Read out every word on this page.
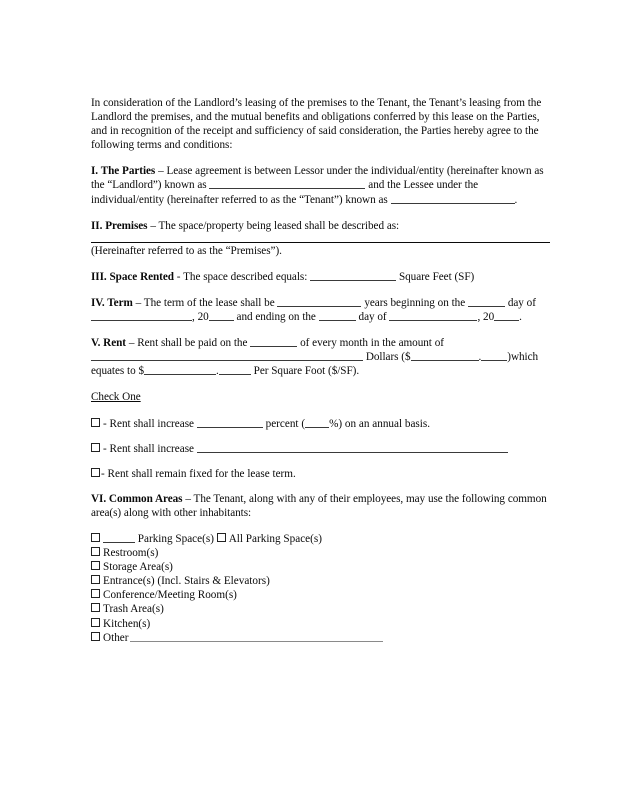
In consideration of the Landlord’s leasing of the premises to the Tenant, the Tenant’s leasing from the Landlord the premises, and the mutual benefits and obligations conferred by this lease on the Parties, and in recognition of the receipt and sufficiency of said consideration, the Parties hereby agree to the following terms and conditions:

I. The Parties – Lease agreement is between Lessor under the individual/entity (hereinafter known as the “Landlord”) known as	and the Lessee under the individual/entity (hereinafter referred to as the “Tenant”) known as	.

II. Premises – The space/property being leased shall be described as:

(Hereinafter referred to as the “Premises”).

III. Space Rented - The space described equals:	Square Feet (SF)

IV. Term – The term of the lease shall be	years beginning on the	day of , 20 and ending on the	day of	, 20 .

V. Rent – Rent shall be paid on the	of every month in the amount of  Dollars ($	. )which equates to $	.	Per Square Foot ($/SF).

Check One

- Rent shall increase	percent ( %) on an annual basis.
- Rent shall increase
- Rent shall remain fixed for the lease term.

VI. Common Areas – The Tenant, along with any of their employees, may use the following common area(s) along with other inhabitants:

Parking Space(s) All Parking Space(s)
Restroom(s)
Storage Area(s)
Entrance(s) (Incl. Stairs & Elevators)
Conference/Meeting Room(s)
Trash Area(s)
Kitchen(s)
Other
